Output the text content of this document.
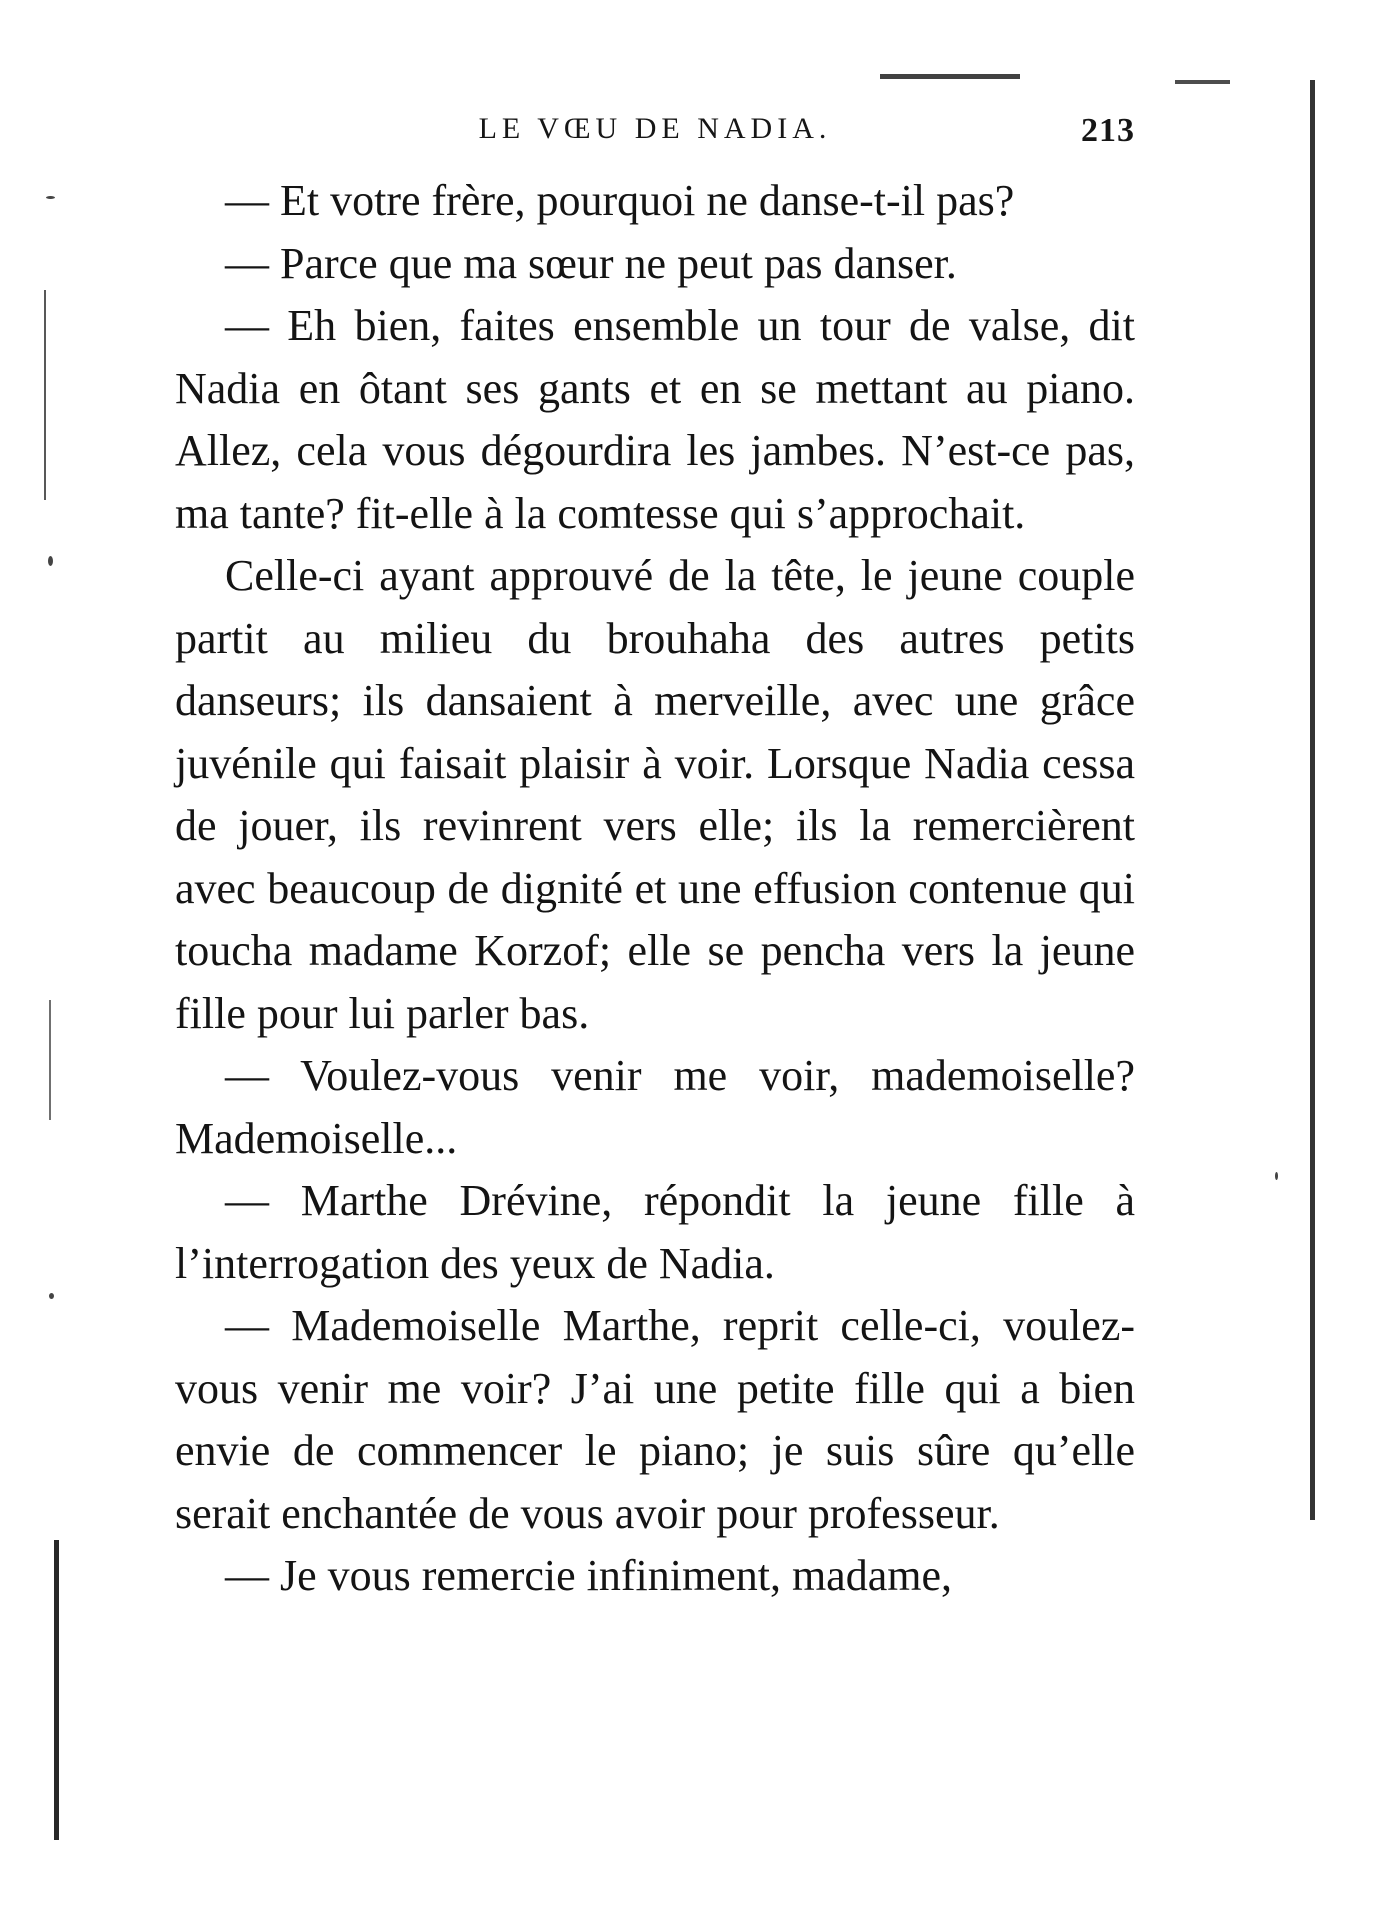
LE VŒU DE NADIA.	213

— Et votre frère, pourquoi ne danse-t-il pas?

— Parce que ma sœur ne peut pas danser.

— Eh bien, faites ensemble un tour de valse, dit Nadia en ôtant ses gants et en se mettant au piano. Allez, cela vous dégourdira les jambes. N’est-ce pas, ma tante? fit-elle à la comtesse qui s’approchait.

Celle-ci ayant approuvé de la tête, le jeune couple partit au milieu du brouhaha des autres petits danseurs; ils dansaient à merveille, avec une grâce juvénile qui faisait plaisir à voir. Lorsque Nadia cessa de jouer, ils revinrent vers elle; ils la remercièrent avec beaucoup de dignité et une effusion contenue qui toucha madame Korzof; elle se pencha vers la jeune fille pour lui parler bas.

— Voulez-vous venir me voir, mademoiselle? Mademoiselle...

— Marthe Drévine, répondit la jeune fille à l’interrogation des yeux de Nadia.

— Mademoiselle Marthe, reprit celle-ci, voulez-vous venir me voir? J’ai une petite fille qui a bien envie de commencer le piano; je suis sûre qu’elle serait enchantée de vous avoir pour professeur.

— Je vous remercie infiniment, madame,
